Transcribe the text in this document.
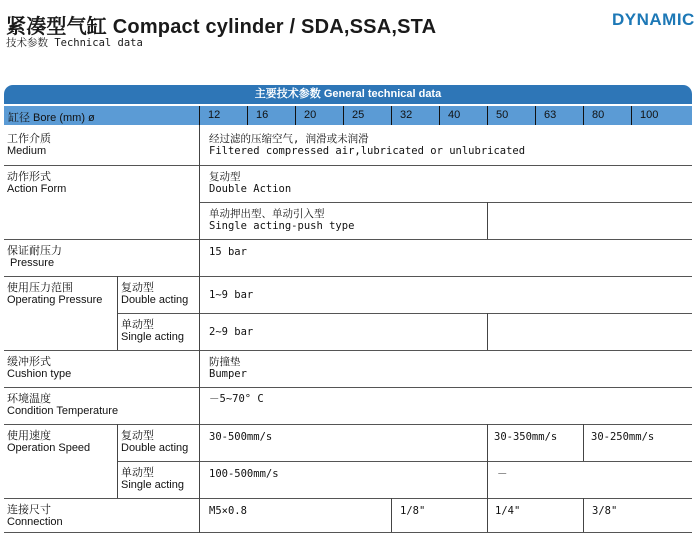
紧凑型气缸 Compact cylinder / SDA,SSA,STA
技术参数 Technical data
DYNAMIC
主要技术参数 General technical data
缸径 Bore (mm) ø	12	16	20	25	32	40	50	63	80	100
工作介质
Medium
经过滤的压缩空气, 润滑或未润滑
Filtered compressed air,lubricated or unlubricated
动作形式
Action Form
复动型
Double Action
单动押出型、单动引入型
Single acting-push type
保证耐压力
Pressure
15 bar
使用压力范围
Operating Pressure
复动型
Double acting 1~9 bar
单动型
Single acting 2~9 bar
缓冲形式
Cushion type
防撞垫
Bumper
环境温度
Condition Temperature
－5~70° C
使用速度
Operation Speed
复动型
Double acting
30-500mm/s	30-350mm/s	30-250mm/s
单动型
Single acting
100-500mm/s	－
连接尺寸
Connection
M5×0.8	1/8"	1/4"	3/8"
